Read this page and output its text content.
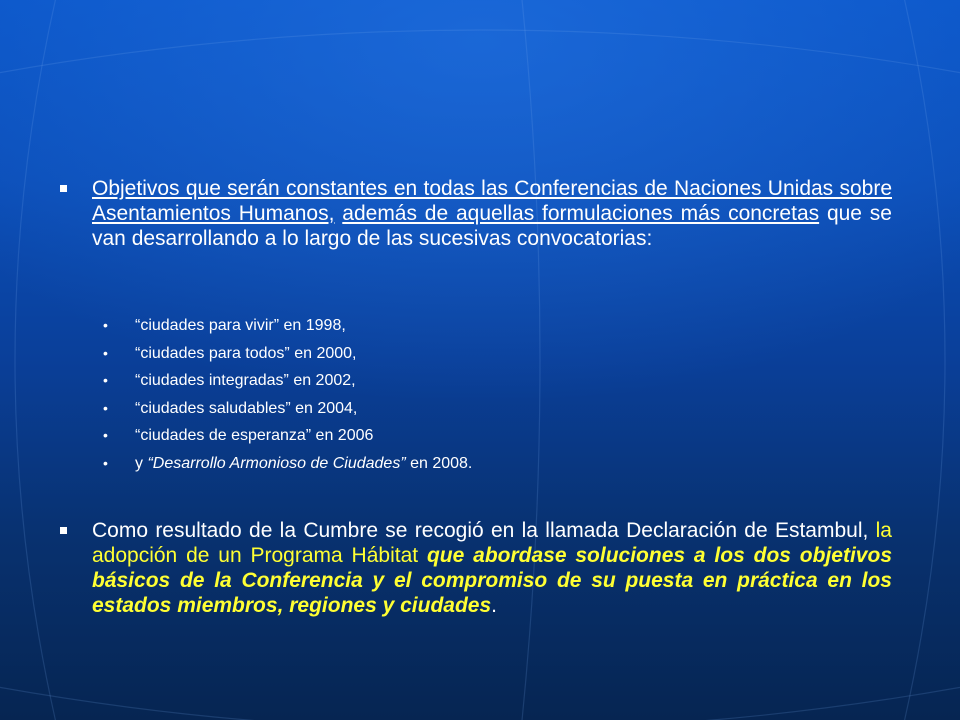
Objetivos que serán constantes en todas las Conferencias de Naciones Unidas sobre Asentamientos Humanos, además de aquellas formulaciones más concretas que se van desarrollando a lo largo de las sucesivas convocatorias:
• “ciudades para vivir” en 1998,
• “ciudades para todos” en 2000,
• “ciudades integradas” en 2002,
• “ciudades saludables” en 2004,
• “ciudades de esperanza” en 2006
• y “Desarrollo Armonioso de Ciudades” en 2008.
Como resultado de la Cumbre se recogió en la llamada Declaración de Estambul, la adopción de un Programa Hábitat que abordase soluciones a los dos objetivos básicos de la Conferencia y el compromiso de su puesta en práctica en los estados miembros, regiones y ciudades.
